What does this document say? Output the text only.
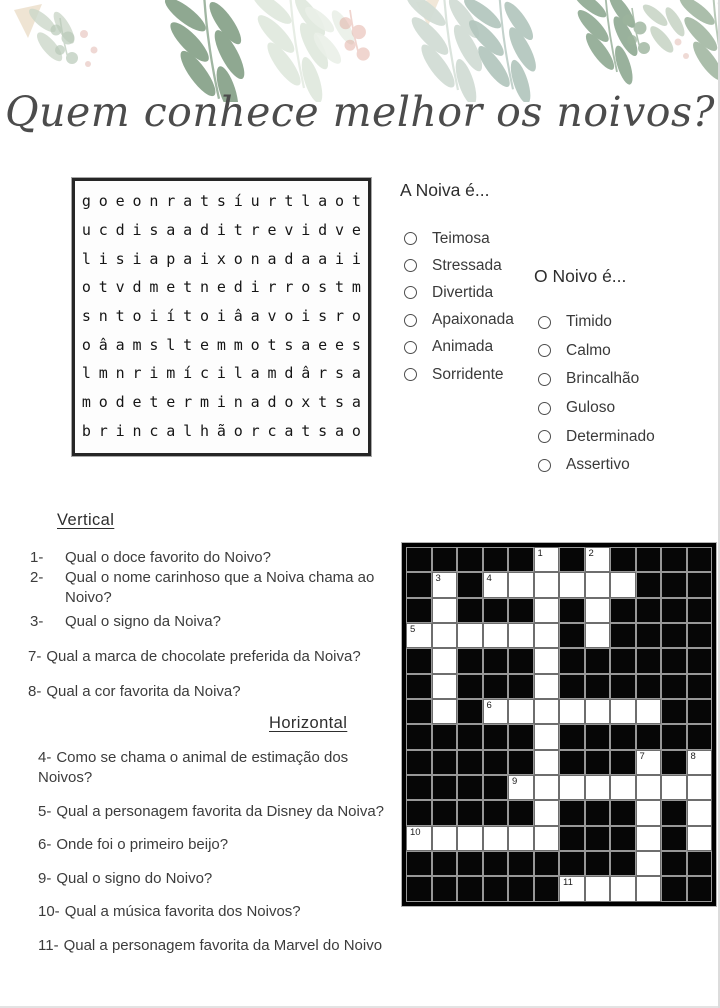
Quem conhece melhor os noivos?
g o e o n r a t s í u r t l a o t
u c d i s a a d i t r e v i d v e
l i s i a p a i x o n a d a a i i
o t v d m e t n e d i r r o s t m
s n t o i í t o i â a v o i s r o
o â a m s l t e m m o t s a e e s
l m n r i m í c i l a m d â r s a
m o d e t e r m i n a d o x t s a
b r i n c a l h ã o r c a t s a o
A Noiva é...
Teimosa
Stressada
Divertida
Apaixonada
Animada
Sorridente
O Noivo é...
Timido
Calmo
Brincalhão
Guloso
Determinado
Assertivo
Vertical
1-	Qual o doce favorito do Noivo?
2-	Qual o nome carinhoso que a Noiva chama ao Noivo?
3-	Qual o signo da Noiva?
7- Qual a marca de chocolate preferida da Noiva?
8- Qual a cor favorita da Noiva?
Horizontal
4- Como se chama o animal de estimação dos Noivos?
5- Qual a personagem favorita da Disney da Noiva?
6- Onde foi o primeiro beijo?
9- Qual o signo do Noivo?
10- Qual a música favorita dos Noivos?
11- Qual a personagem favorita da Marvel do Noivo
1	2
3	4
5
6
7	8
9
10
11
